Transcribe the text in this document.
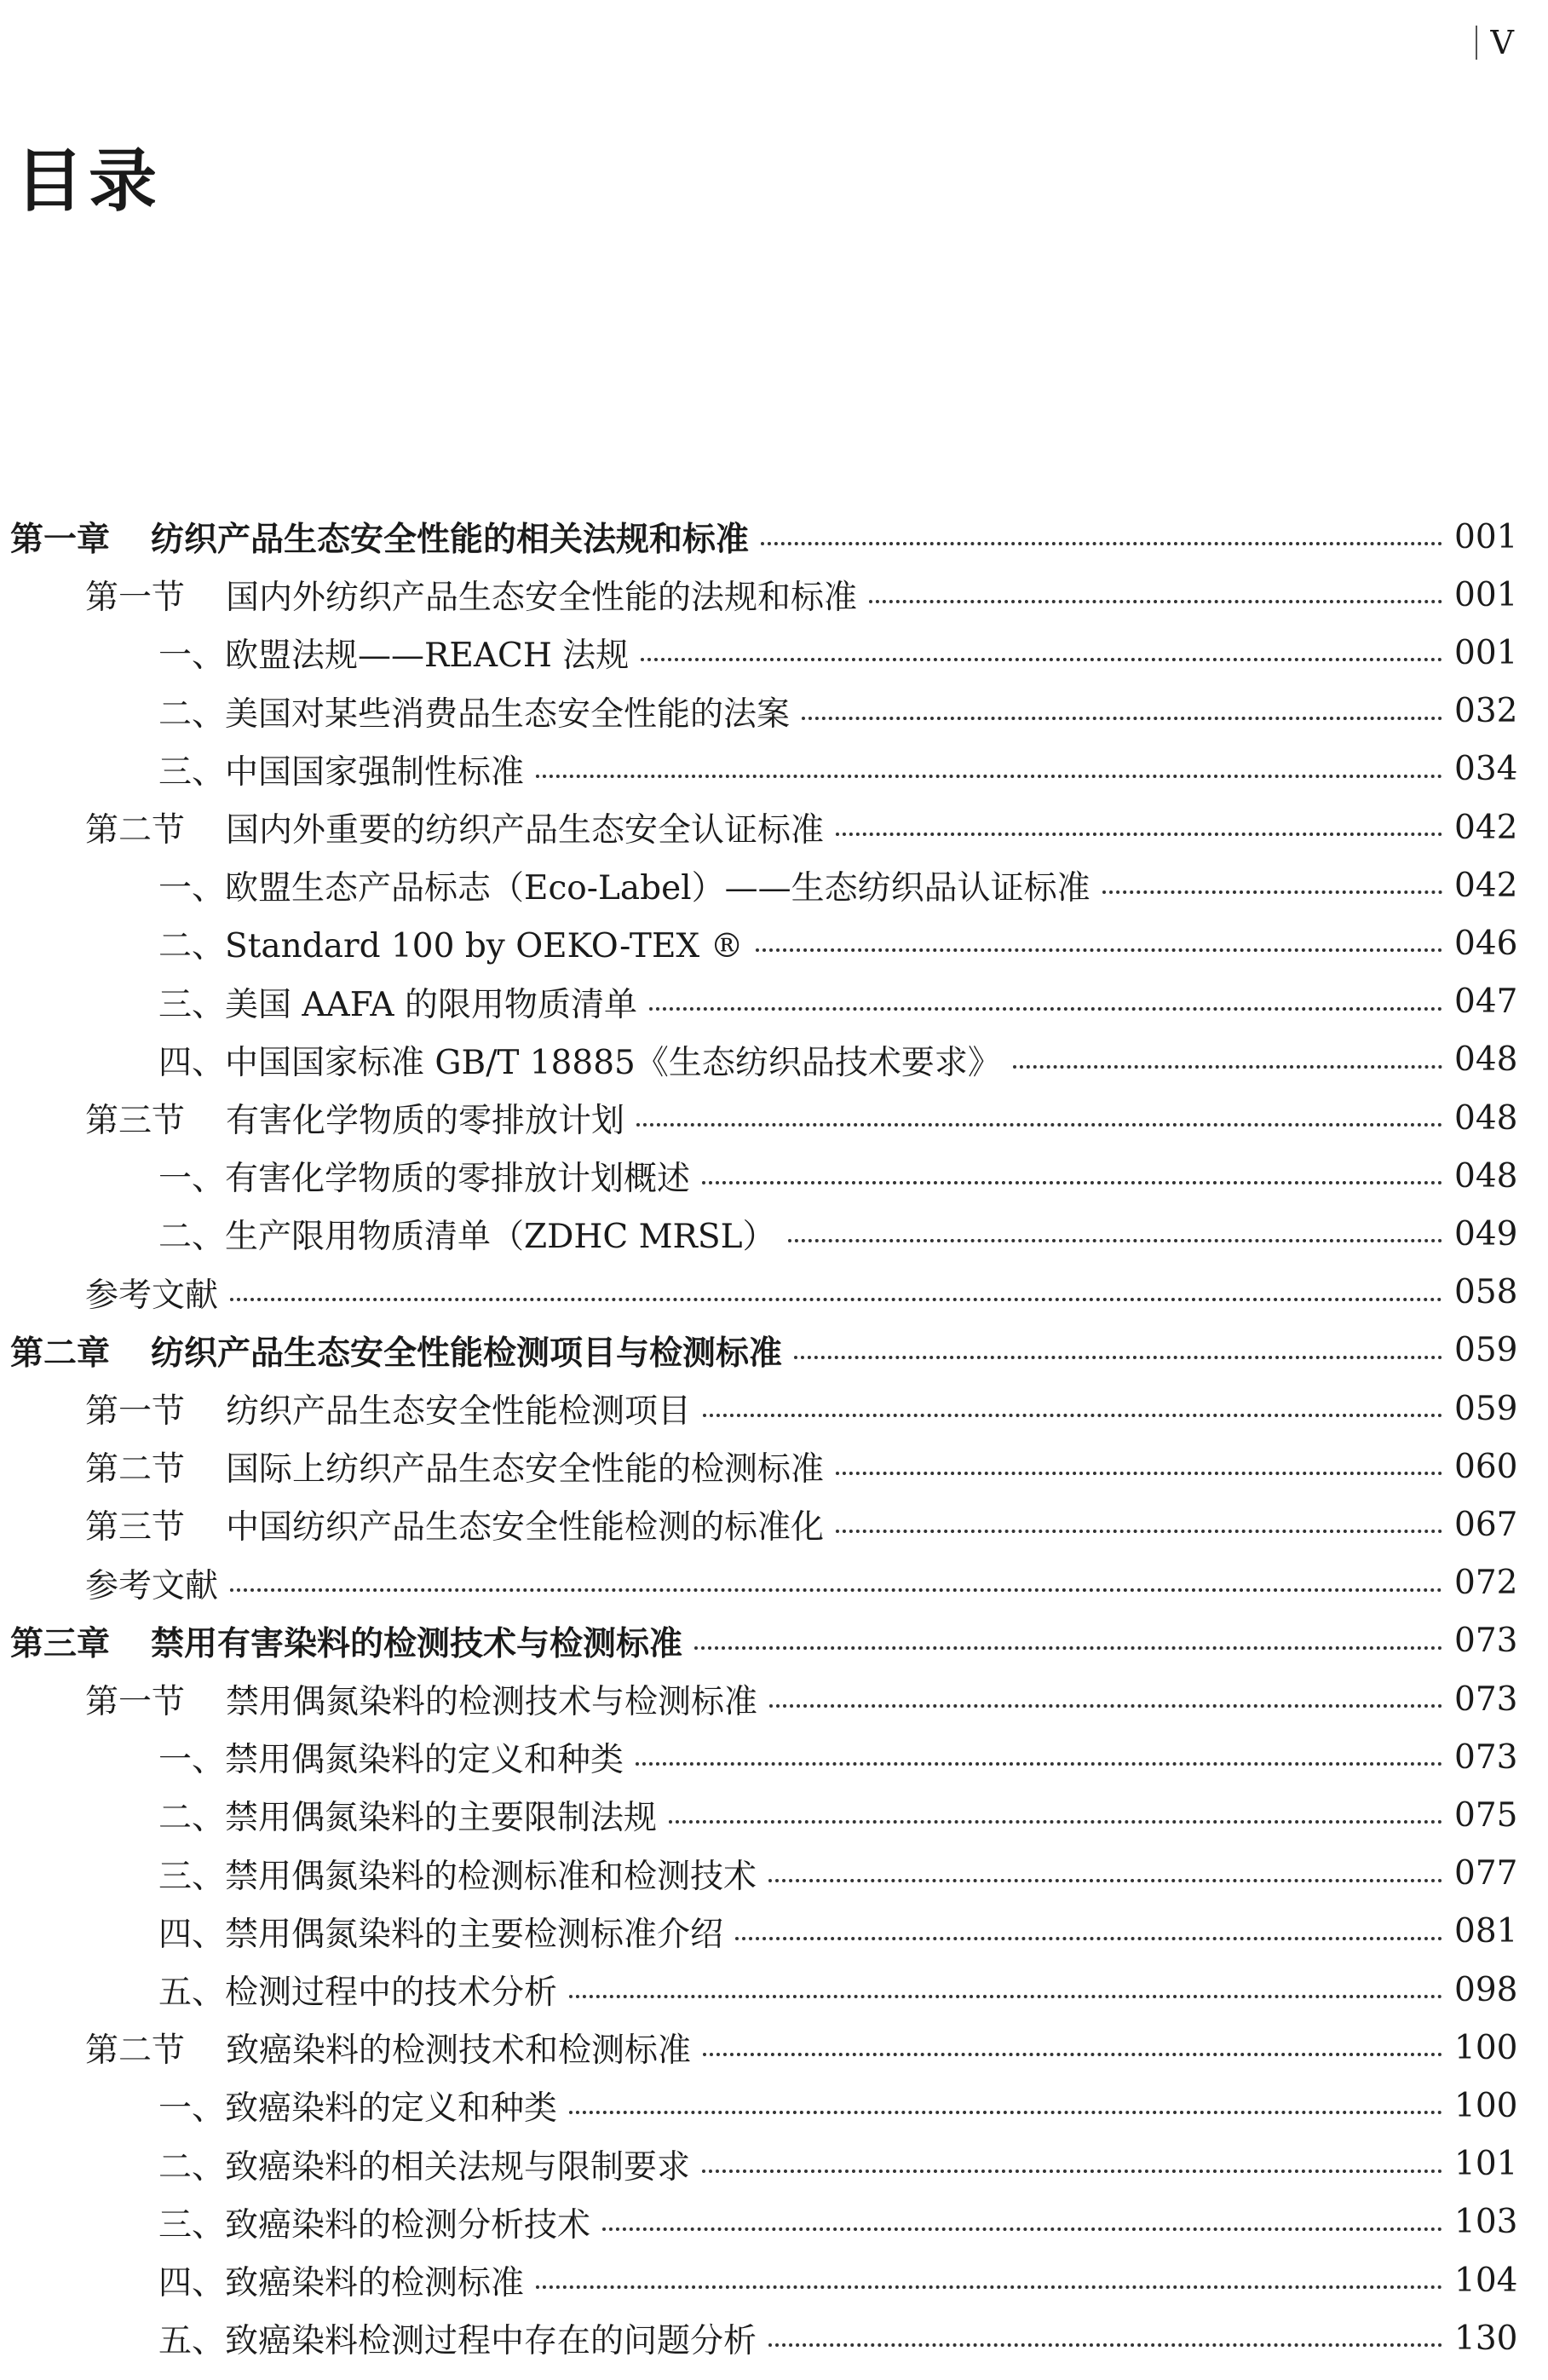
V
目录
第一章 纺织产品生态安全性能的相关法规和标准	001
第一节 国内外纺织产品生态安全性能的法规和标准	001
一、欧盟法规——REACH 法规	001
二、美国对某些消费品生态安全性能的法案	032
三、中国国家强制性标准	034
第二节 国内外重要的纺织产品生态安全认证标准	042
一、欧盟生态产品标志（Eco-Label）——生态纺织品认证标准	042
二、Standard 100 by OEKO-TEX ®	046
三、美国 AAFA 的限用物质清单	047
四、中国国家标准 GB/T 18885《生态纺织品技术要求》	048
第三节 有害化学物质的零排放计划	048
一、有害化学物质的零排放计划概述	048
二、生产限用物质清单（ZDHC MRSL）	049
参考文献	058
第二章 纺织产品生态安全性能检测项目与检测标准	059
第一节 纺织产品生态安全性能检测项目	059
第二节 国际上纺织产品生态安全性能的检测标准	060
第三节 中国纺织产品生态安全性能检测的标准化	067
参考文献	072
第三章 禁用有害染料的检测技术与检测标准	073
第一节 禁用偶氮染料的检测技术与检测标准	073
一、禁用偶氮染料的定义和种类	073
二、禁用偶氮染料的主要限制法规	075
三、禁用偶氮染料的检测标准和检测技术	077
四、禁用偶氮染料的主要检测标准介绍	081
五、检测过程中的技术分析	098
第二节 致癌染料的检测技术和检测标准	100
一、致癌染料的定义和种类	100
二、致癌染料的相关法规与限制要求	101
三、致癌染料的检测分析技术	103
四、致癌染料的检测标准	104
五、致癌染料检测过程中存在的问题分析	130
